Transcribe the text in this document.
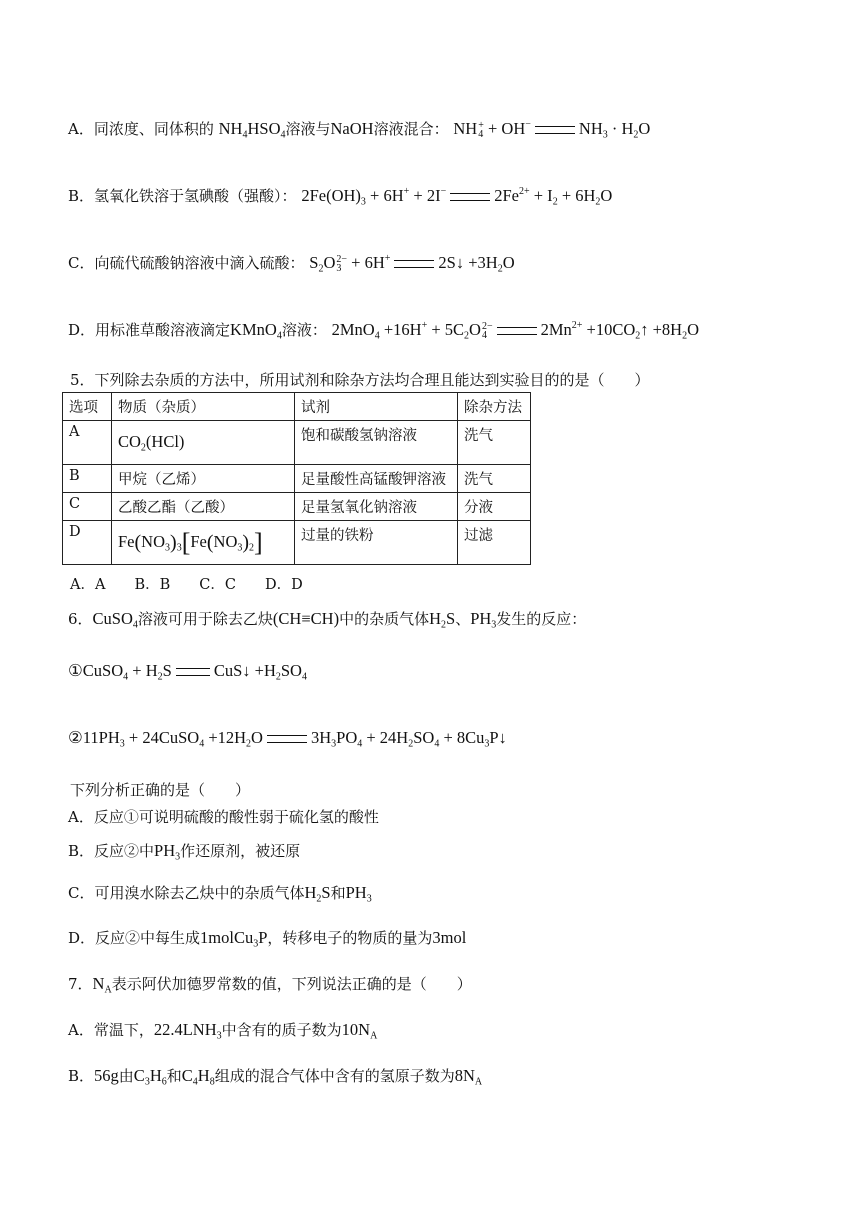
A．同浓度、同体积的 $NH_4HSO_4$溶液与NaOH溶液混合： NH +
4 + OH−	$NH_3 \cdot H_2O$
B．氢氧化铁溶于氢碘酸（强酸）： $2Fe(OH)_3 + 6H^+ + 2I^-$	$2Fe^{2+} + I_2 + 6H_2O$
C．向硫代硫酸钠溶液中滴入硫酸： $S_2O$ 2−
3 + 6H+	2S↓ $+3H_2O$
D．用标准草酸溶液滴定KMnO$_4$溶液： $2MnO_4 +16H^+ + 5C_2O$ 2−
4	$2Mn^{2+}$ $+10CO_2↑ +8H_2O$
5．下列除去杂质的方法中，所用试剂和除杂方法均合理且能达到实验目的的是（　　）
选项	物质（杂质）	试剂	除杂方法
A	$CO_2(HCl)$	饱和碳酸氢钠溶液	洗气
B	甲烷（乙烯）	足量酸性高锰酸钾溶液	洗气
C	乙酸乙酯（乙酸）	足量氢氧化钠溶液	分液
D	$Fe(NO_3)_3[Fe(NO_3)_2]$	过量的铁粉	过滤
A．A　　B．B　　C．C　　D．D
6．CuSO$_4$溶液可用于除去乙炔(CH≡CH)中的杂质气体$H_2S$、$PH_3$发生的反应：
①CuSO$_4$ + $H_2S$	CuS↓ $+H_2SO_4$
$②11PH_3$ + 24CuSO$_4$ $+12H_2O$	$3H_3PO_4 + 24H_2SO_4$ + $8Cu_3P↓$
下列分析正确的是（　　）
A．反应①可说明硫酸的酸性弱于硫化氢的酸性
B．反应②中$PH_3$作还原剂，被还原
C．可用溴水除去乙炔中的杂质气体$H_2S$和$PH_3$
D．反应②中每生成1molCu$_3$P，转移电子的物质的量为3mol
7．$N_A$表示阿伏加德罗常数的值，下列说法正确的是（　　）
A．常温下，$22.4LNH_3$中含有的质子数为$10N_A$
B．56g由$C_3H_6$和$C_4H_8$组成的混合气体中含有的氢原子数为$8N_A$
